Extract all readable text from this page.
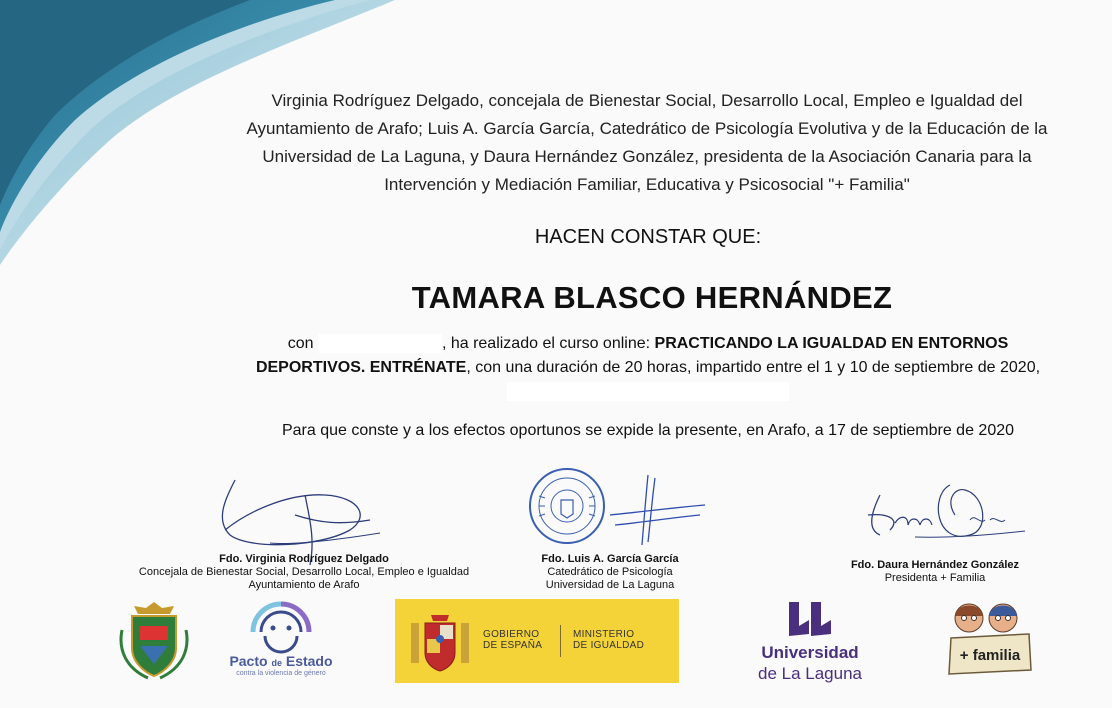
Virginia Rodríguez Delgado, concejala de Bienestar Social, Desarrollo Local, Empleo e Igualdad del Ayuntamiento de Arafo; Luis A. García García, Catedrático de Psicología Evolutiva y de la Educación de la Universidad de La Laguna, y Daura Hernández González, presidenta de la Asociación Canaria para la Intervención y Mediación Familiar, Educativa y Psicosocial "+ Familia"
HACEN CONSTAR QUE:
TAMARA BLASCO HERNÁNDEZ
con	, ha realizado el curso online: PRACTICANDO LA IGUALDAD EN ENTORNOS DEPORTIVOS. ENTRÉNATE, con una duración de 20 horas, impartido entre el 1 y 10 de septiembre de 2020,
Para que conste y a los efectos oportunos se expide la presente, en Arafo, a 17 de septiembre de 2020
Fdo. Virginia Rodríguez Delgado
Concejala de Bienestar Social, Desarrollo Local, Empleo e Igualdad
Ayuntamiento de Arafo
Fdo. Luis A. García García
Catedrático de Psicología
Universidad de La Laguna
Fdo. Daura Hernández González
Presidenta + Familia
Pacto de Estado
contra la violencia de género
GOBIERNO
DE ESPAÑA
MINISTERIO
DE IGUALDAD	Universidad
de La Laguna
+ familia
